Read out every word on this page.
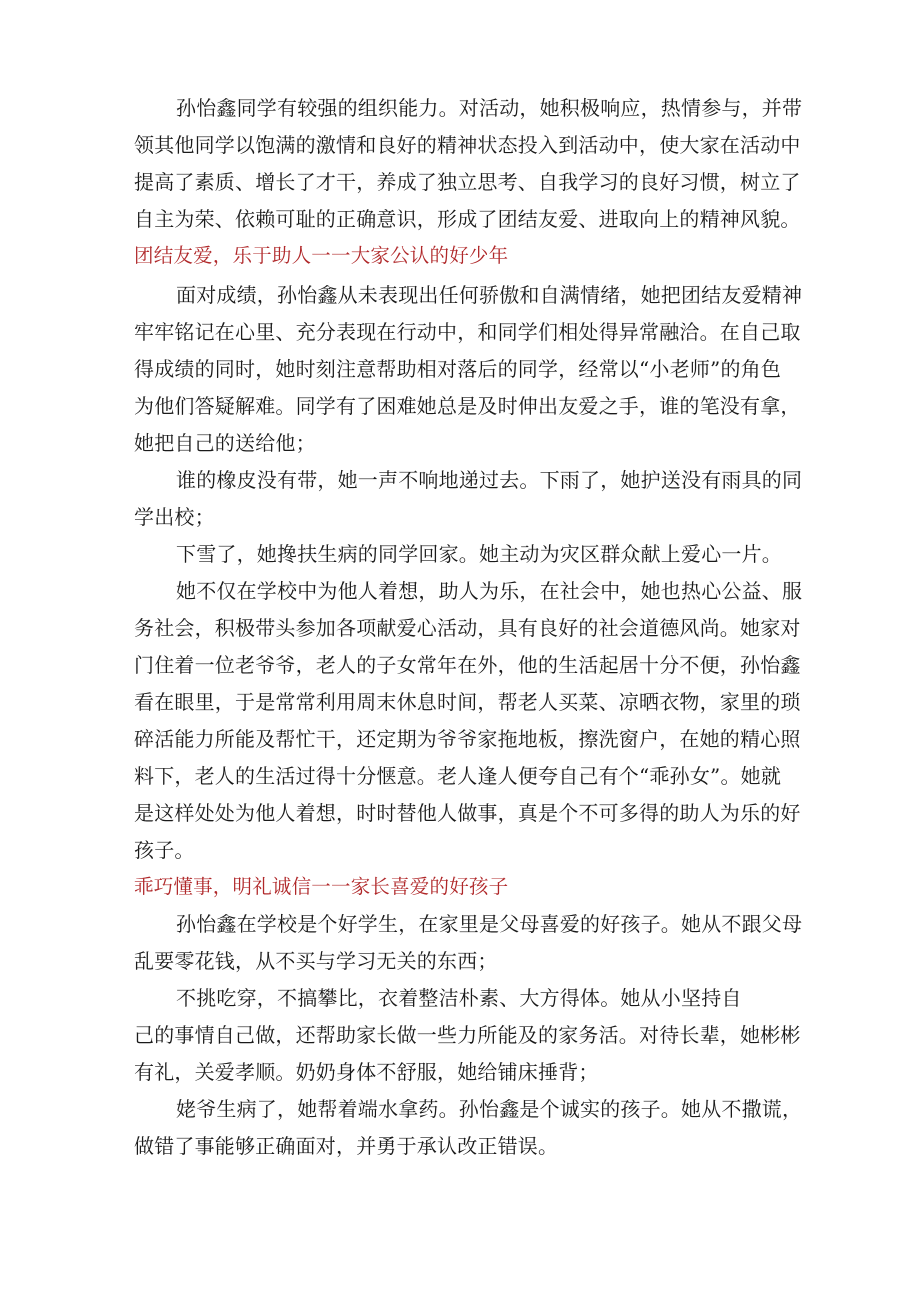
孙怡鑫同学有较强的组织能力。对活动，她积极响应，热情参与，并带
领其他同学以饱满的激情和良好的精神状态投入到活动中，使大家在活动中
提高了素质、增长了才干，养成了独立思考、自我学习的良好习惯，树立了
自主为荣、依赖可耻的正确意识，形成了团结友爱、进取向上的精神风貌。
团结友爱，乐于助人一一大家公认的好少年
面对成绩，孙怡鑫从未表现出任何骄傲和自满情绪，她把团结友爱精神
牢牢铭记在心里、充分表现在行动中，和同学们相处得异常融洽。在自己取
得成绩的同时，她时刻注意帮助相对落后的同学，经常以“小老师”的角色
为他们答疑解难。同学有了困难她总是及时伸出友爱之手，谁的笔没有拿，
她把自己的送给他；
谁的橡皮没有带，她一声不响地递过去。下雨了，她护送没有雨具的同
学出校；
下雪了，她搀扶生病的同学回家。她主动为灾区群众献上爱心一片。
她不仅在学校中为他人着想，助人为乐，在社会中，她也热心公益、服
务社会，积极带头参加各项献爱心活动，具有良好的社会道德风尚。她家对
门住着一位老爷爷，老人的子女常年在外，他的生活起居十分不便，孙怡鑫
看在眼里，于是常常利用周末休息时间，帮老人买菜、凉晒衣物，家里的琐
碎活能力所能及帮忙干，还定期为爷爷家拖地板，擦洗窗户，在她的精心照
料下，老人的生活过得十分惬意。老人逢人便夸自己有个“乖孙女”。她就
是这样处处为他人着想，时时替他人做事，真是个不可多得的助人为乐的好
孩子。
乖巧懂事，明礼诚信一一家长喜爱的好孩子
孙怡鑫在学校是个好学生，在家里是父母喜爱的好孩子。她从不跟父母
乱要零花钱，从不买与学习无关的东西；
不挑吃穿，不搞攀比，衣着整洁朴素、大方得体。她从小坚持自
己的事情自己做，还帮助家长做一些力所能及的家务活。对待长辈，她彬彬
有礼，关爱孝顺。奶奶身体不舒服，她给铺床捶背；
姥爷生病了，她帮着端水拿药。孙怡鑫是个诚实的孩子。她从不撒谎，
做错了事能够正确面对，并勇于承认改正错误。
